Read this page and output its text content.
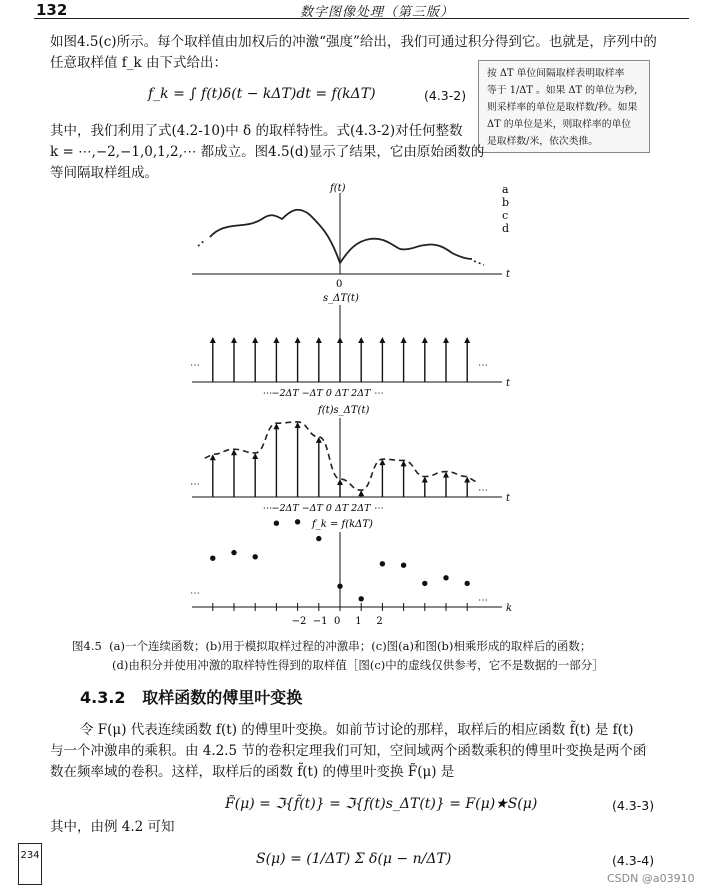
132	数字图像处理（第三版）
如图4.5(c)所示。每个取样值由加权后的冲激“强度”给出，我们可通过积分得到它。也就是，序列中的
任意取样值 f_k 由下式给出：
f_k = ∫ f(t)δ(t − kΔT)dt = f(kΔT)	(4.3-2)
按 ΔT 单位间隔取样表明取样率
等于 1/ΔT 。如果 ΔT 的单位为秒,
则采样率的单位是取样数/秒。如果
ΔT 的单位是米，则取样率的单位
是取样数/米，依次类推。
其中，我们利用了式(4.2-10)中 δ 的取样特性。式(4.3-2)对任何整数
k = ⋯,−2,−1,0,1,2,⋯ 都成立。图4.5(d)显示了结果，它由原始函数的
等间隔取样组成。
a
b
c
d
f(t)
t
0
s_ΔT(t)
t
⋯	⋯
⋯−2ΔT −ΔT 0 ΔT 2ΔT ⋯
f(t)s_ΔT(t)
t
⋯
⋯
⋯−2ΔT −ΔT 0 ΔT 2ΔT ⋯
f_k = f(kΔT)
k
⋯
⋯
−2 −1 0 1 2
图4.5 (a)一个连续函数；(b)用于模拟取样过程的冲激串；(c)图(a)和图(b)相乘形成的取样后的函数；
(d)由积分并使用冲激的取样特性得到的取样值［图(c)中的虚线仅供参考，它不是数据的一部分］
4.3.2 取样函数的傅里叶变换
令 F(μ) 代表连续函数 f(t) 的傅里叶变换。如前节讨论的那样，取样后的相应函数 f̃(t) 是 f(t)
与一个冲激串的乘积。由 4.2.5 节的卷积定理我们可知，空间域两个函数乘积的傅里叶变换是两个函
数在频率域的卷积。这样，取样后的函数 f̃(t) 的傅里叶变换 F̃(μ) 是
F̃(μ) = ℑ{f̃(t)} = ℑ{f(t)s_ΔT(t)} = F(μ)★S(μ)	(4.3-3)
其中，由例 4.2 可知
S(μ) = (1/ΔT) Σ δ(μ − n/ΔT)	(4.3-4)
234
CSDN @a03910
